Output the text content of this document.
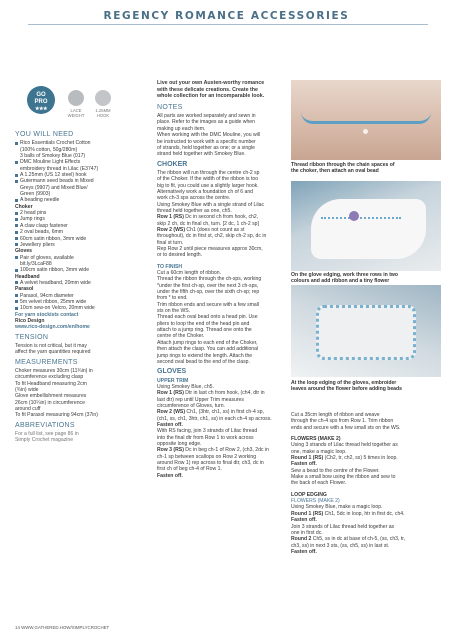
REGENCY ROMANCE ACCESSORIES
GO
PRO
★★★	LACE
WEIGHT
1.25MM
HOOK
YOU WILL NEED
Rico Essentials Crochet Cotton
(100% cotton, 50g/280m)
3 balls of Smokey Blue (017)
DMC Mouline Light Effects
embroidery thread in Lilac (E3747)
A 1.25mm (US 12 steel) hook
Gutermann seed beads in Mixed
Greys (9907) and Mixed Blue/
Green (9903)
A beading needle
Choker
2 head pins
Jump rings
A claw clasp fastener
2 oval beads, 6mm
60cm satin ribbon, 3mm wide
Jewellery pliers
Gloves
Pair of gloves, available
bit.ly/3LcaF88
100cm satin ribbon, 3mm wide
Headband
A velvet headband, 20mm wide
Parasol
Parasol, 94cm diameter
5m velvet ribbon, 25mm wide
10cm sew-on Velcro, 20mm wide
For yarn stockists contact
Rico Design
www.rico-design.com/en/home
TENSION
Tension is not critical, but it may
affect the yarn quantities required
MEASUREMENTS
Choker measures 30cm (11¾in) in
circumference excluding clasp
To fit Headband measuring 2cm
(¾in) wide
Glove embellishment measures
26cm (10¼in) in circumference
around cuff
To fit Parasol measuring 94cm (37in)
ABBREVIATIONS
For a full list, see page 86 in
Simply Crochet magazine
Live out your own Austen-worthy romance
with these delicate creations. Create the
whole collection for an incomparable look.
NOTES
All parts are worked separately and sewn in
place. Refer to the images as a guide when
making up each item.
When working with the DMC Mouline, you will
be instructed to work with a specific number
of strands, held together as one; or a single
strand held together with Smokey Blue.
CHOKER
The ribbon will run through the centre ch-2 sp
of the Choker. If the width of the ribbon is too
big to fit, you could use a slightly larger hook.
Alternatively work a foundation ch of 6 and
work ch-3 sps across the centre.
Using Smokey Blue with a single strand of Lilac
thread held together as one, ch5.
Row 1 (RS) Dc in second ch from hook, ch2,
skip 2 ch, dc in final ch, turn. [2 dc, 1 ch-2 sp]
Row 2 (WS) Ch1 (does not count as st
throughout), dc in first st, ch2, skip ch-2 sp, dc in
final st turn.
Rep Row 2 until piece measures approx 30cm,
or to desired length.
TO FINISH
Cut a 60cm length of ribbon.
Thread the ribbon through the ch-sps, working
*under the first ch-sp, over the next 3 ch-sps,
under the fifth ch-sp, over the sixth ch-sp; rep
from * to end.
Trim ribbon ends and secure with a few small
sts on the WS.
Thread each oval bead onto a head pin. Use
pliers to loop the end of the head pin and
attach to a jump ring. Thread one onto the
centre of the Choker.
Attach jump rings to each end of the Choker,
then attach the clasp. You can add additional
jump rings to extend the length. Attach the
second oval bead to the end of the clasp.
GLOVES
UPPER TRIM
Using Smokey Blue, ch5.
Row 1 (RS) Dtr in last ch from hook, (ch4, dtr in
last dtr) rep until Upper Trim measures
circumference of Gloves, turn.
Row 2 (WS) Ch1, (3htr, ch1, ss) in first ch-4 sp,
(ch1, ss, ch1, 3htr, ch1, ss) in each ch-4 sp across.
Fasten off.
With RS facing, join 3 strands of Lilac thread
into the final dtr from Row 1 to work across
opposite long edge.
Row 3 (RS) Dc in beg ch-1 of Row 2, (ch3, 2dc in
ch-1 sp between scallops on Row 2 working
around Row 1) rep across to final dtr, ch3, dc in
first ch of beg ch-4 of Row 1.
Fasten off.
Thread ribbon through the chain spaces of
the choker, then attach an oval bead
On the glove edging, work three rows in two
colours and add ribbon and a tiny flower
At the loop edging of the gloves, embroider
leaves around the flower before adding beads
Cut a 35cm length of ribbon and weave
through the ch-4 sps from Row 1. Trim ribbon
ends and secure with a few small sts on the WS.
FLOWERS (MAKE 2)
Using 3 strands of Lilac thread held together as
one, make a magic loop.
Round 1 (RS) (Ch2, tr, ch2, ss) 5 times in loop.
Fasten off.
Sew a bead to the centre of the Flower.
Make a small bow using the ribbon and sew to
the back of each Flower.
LOOP EDGING
FLOWERS (MAKE 2)
Using Smokey Blue, make a magic loop.
Round 1 (RS) Ch1, 5dc in loop, htr in first dc, ch4.
Fasten off.
Join 3 strands of Lilac thread held together as
one in first dc.
Round 2 Ch5, ss in dc at base of ch-5, (ss, ch3, tr,
ch3, ss) in next 3 sts, (ss, ch5, ss) in last st.
Fasten off.
14 WWW.GATHERED.HOW/SIMPLYCROCHET
